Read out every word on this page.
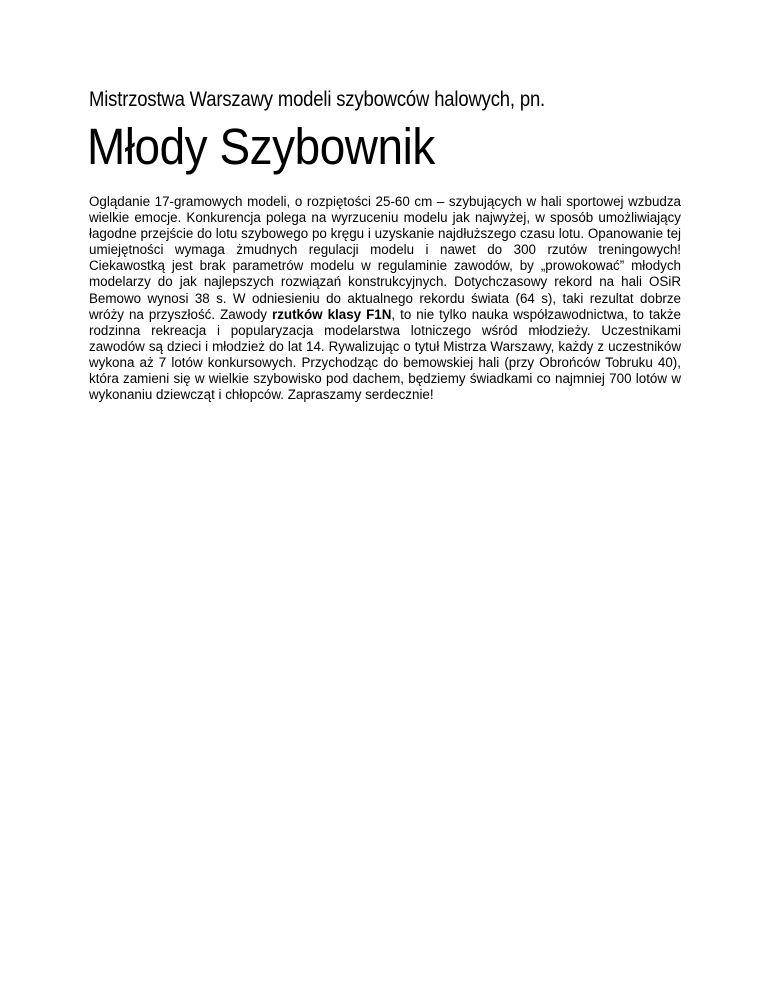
Mistrzostwa Warszawy modeli szybowców halowych, pn.
Młody Szybownik

Oglądanie 17-gramowych modeli, o rozpiętości 25-60 cm – szybujących w hali sportowej wzbudza wielkie emocje. Konkurencja polega na wyrzuceniu modelu jak najwyżej, w sposób umożliwiający łagodne przejście do lotu szybowego po kręgu i uzyskanie najdłuższego czasu lotu. Opanowanie tej umiejętności wymaga żmudnych regulacji modelu i nawet do 300 rzutów treningowych! Ciekawostką jest brak parametrów modelu w regulaminie zawodów, by „prowokować” młodych modelarzy do jak najlepszych rozwiązań konstrukcyjnych. Dotychczasowy rekord na hali OSiR Bemowo wynosi 38 s. W odniesieniu do aktualnego rekordu świata (64 s), taki rezultat dobrze wróży na przyszłość. Zawody rzutków klasy F1N, to nie tylko nauka współzawodnictwa, to także rodzinna rekreacja i popularyzacja modelarstwa lotniczego wśród młodzieży. Uczestnikami zawodów są dzieci i młodzież do lat 14. Rywalizując o tytuł Mistrza Warszawy, każdy z uczestników wykona aż 7 lotów konkursowych. Przychodząc do bemowskiej hali (przy Obrońców Tobruku 40), która zamieni się w wielkie szybowisko pod dachem, będziemy świadkami co najmniej 700 lotów w wykonaniu dziewcząt i chłopców. Zapraszamy serdecznie!
